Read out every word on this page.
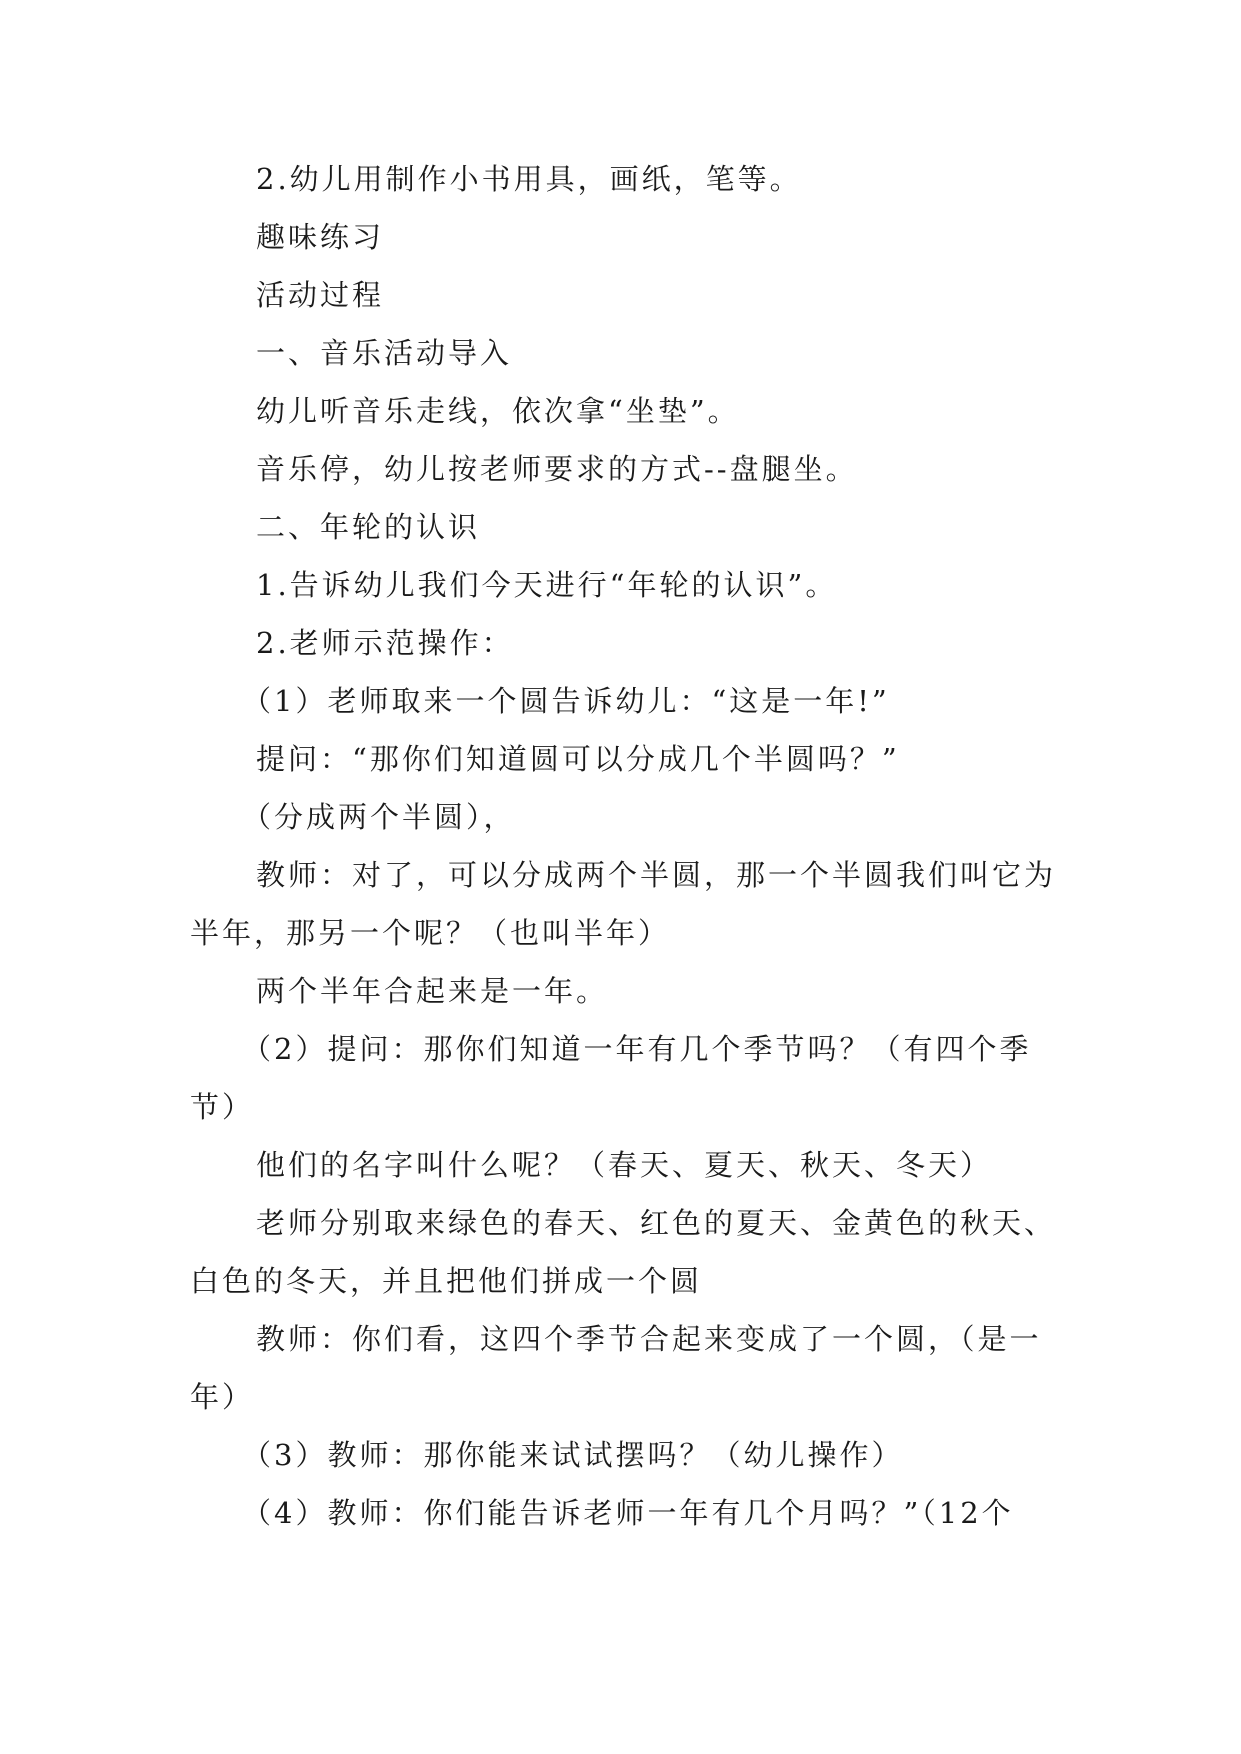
2.幼儿用制作小书用具，画纸，笔等。

趣味练习

活动过程

一、音乐活动导入

幼儿听音乐走线，依次拿“坐垫”。

音乐停，幼儿按老师要求的方式--盘腿坐。

二、年轮的认识

1.告诉幼儿我们今天进行“年轮的认识”。

2.老师示范操作：

（1）老师取来一个圆告诉幼儿：“这是一年!”

提问：“那你们知道圆可以分成几个半圆吗？”

（分成两个半圆），

教师：对了，可以分成两个半圆，那一个半圆我们叫它为半年，那另一个呢？（也叫半年）

两个半年合起来是一年。

（2）提问：那你们知道一年有几个季节吗？（有四个季节）

他们的名字叫什么呢？（春天、夏天、秋天、冬天）

老师分别取来绿色的春天、红色的夏天、金黄色的秋天、白色的冬天，并且把他们拼成一个圆

教师：你们看，这四个季节合起来变成了一个圆，（是一年）

（3）教师：那你能来试试摆吗？（幼儿操作）

（4）教师：你们能告诉老师一年有几个月吗？”（12个
